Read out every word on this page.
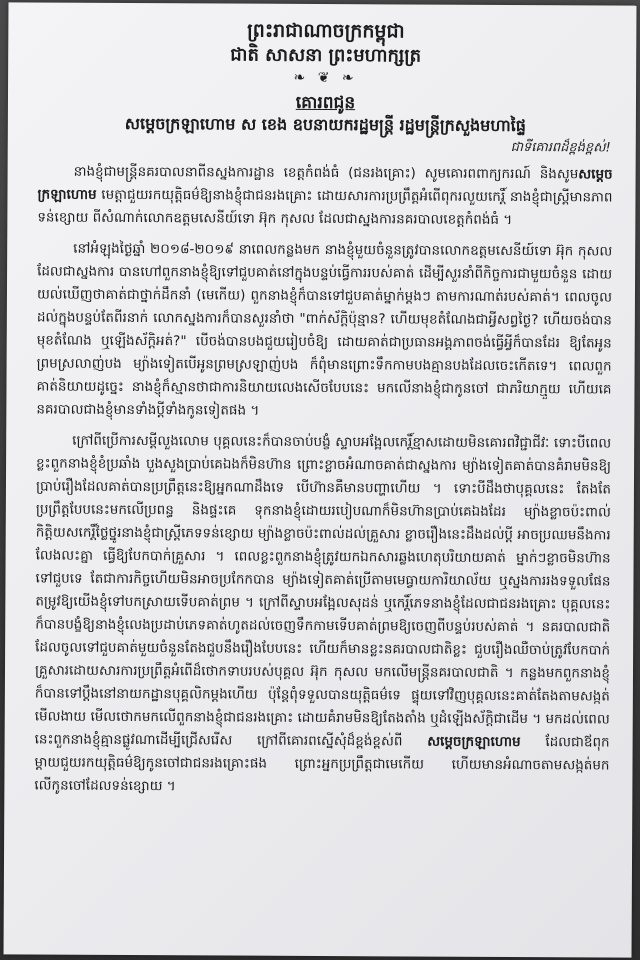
ព្រះរាជាណាចក្រកម្ពុជា

ជាតិ សាសនា ព្រះមហាក្សត្រ

❧ ❦ ❧

គោរពជូន

សម្តេចក្រឡាហោម ស ខេង ឧបនាយករដ្ឋមន្ត្រី រដ្ឋមន្ត្រីក្រសួងមហាផ្ទៃ

ជាទីគោរពដ៏ខ្ពង់ខ្ពស់!

នាងខ្ញុំជាមន្ត្រីនគរបាលនាពីនស្នងការដ្ឋាន ខេត្តកំពង់ធំ (ជនរងគ្រោះ) សូមគោរពពាក្យករណ៍ និងសូមសម្តេចក្រឡាហោម មេត្តាជួយរកយុត្តិធម៌ឱ្យនាងខ្ញុំជាជនរងគ្រោះ ដោយសារការប្រព្រឹត្តអំពើពុករលួយកេរ្តិ៍ នាងខ្ញុំជាស្រ្តីមានភាពទន់ខ្សោយ ពីសំណាក់លោកឧត្តមសេនីយ៍ទោ អ៊ុក កុសល ដែលជាស្នងការនគរបាលខេត្តកំពង់ធំ ។

នៅអំឡុងថ្ងៃឆ្នាំ ២០១៨-២០១៩ នាពេលកន្លងមក នាងខ្ញុំមួយចំនួនត្រូវបានលោកឧត្តមសេនីយ៍ទោ អ៊ុក កុសល ដែលជាស្នងការ បានហៅពួកនាងខ្ញុំឱ្យទៅជួបគាត់នៅក្នុងបន្ទប់ធ្វើការរបស់គាត់ ដើម្បីសួរនាំពីកិច្ចការជាមួយចំនួន ដោយយល់ឃើញថាគាត់ជាថ្នាក់ដឹកនាំ (មេកើយ) ពួកនាងខ្ញុំក៏បានទៅជួបគាត់ម្នាក់ម្តងៗ តាមការណាត់របស់គាត់។ ពេលចូលដល់ក្នុងបន្ទប់តែពីរនាក់ លោកស្នងការក៏បានសួរនាំថា "ពាក់ស័ក្តិប៉ុន្មាន? ហើយមុខតំណែងជាអ្វីសព្វថ្ងៃ? ហើយចង់បានមុខតំណែង ឬឡើងស័ក្តិអត់?" បើចង់បានបងជួយរៀបចំឱ្យ ដោយគាត់ជាប្រធានអង្គភាពចង់ធ្វើអ្វីក៏បានដែរ ឱ្យតែអូនព្រមស្រលាញ់បង ម្យ៉ាងទៀតបើអូនព្រមស្រឡាញ់បង ក៏ពុំមានព្រោះទឹកកាមបងគ្មានបងដែលចេះកើតទេ។ ពេលពួកគាត់និយាយដូច្នេះ នាងខ្ញុំក៏ស្មានថាជាការនិយាយលេងសើចបែបនេះ មកលើនាងខ្ញុំជាកូនចៅ ជាភរិយាក្មួយ ហើយគេនគរបាលជាងខ្ញុំមានទាំងប្តីទាំងកូនទៀតផង ។

ក្រៅពីប្រើការសម្ដីលួងលោម បុគ្គលនេះក៏បានចាប់បង្ខំ ស្ទាបអង្អែលកេរ្តិ៍ខ្មាសដោយមិនគោរពវិជ្ជាជីវៈ ទោះបីពេលខ្លះពួកនាងខ្ញុំខំប្រឆាំង បួងសួងប្រាប់គេឯងក៏មិនហ៊ាន ព្រោះខ្លាចអំណាចគាត់ជាស្នងការ ម្យ៉ាងទៀតគាត់បានគំរាមមិនឱ្យប្រាប់រឿងដែលគាត់បានប្រព្រឹត្តនេះឱ្យអ្នកណាដឹងទេ បើហ៊ានគឺមានបញ្ហាហើយ ។ ទោះបីដឹងថាបុគ្គលនេះ តែងតែប្រព្រឹត្តបែបនេះមកលើប្រពន្ធ និងផ្ទះគេ ទុកនាងខ្ញុំដោយរបៀបណាក៏មិនហ៊ានប្រាប់គេឯងដែរ ម្យ៉ាងខ្លាចប៉ះពាល់កិត្តិយសកេរ្តិ៍ថ្លៃថ្នូរនាងខ្ញុំជាស្រ្តីភេទទន់ខ្សោយ ម្យ៉ាងខ្លាចប៉ះពាល់ដល់គ្រួសារ ខ្លាចរឿងនេះដឹងដល់ប្តី អាចប្រឈមនឹងការលែងលះគ្នា ធ្វើឱ្យបែកបាក់គ្រួសារ ។ ពេលខ្លះពួកនាងខ្ញុំត្រូវយកឯកសារឆ្លងហេតុបរិយាយគាត់ ម្នាក់ៗខ្លាចមិនហ៊ានទៅជួបទេ តែជាការកិច្ចហើយមិនអាចប្រកែកបាន ម្យ៉ាងទៀតគាត់ប្រើតាមមេធ្វាយការិយាល័យ ឬស្នងការរងទទួលផែន តម្រូវឱ្យយើងខ្ញុំទៅបកស្រាយទើបគាត់ព្រម ។ ក្រៅពីស្ទាបអង្អែលសុដន់ ឬកេរ្តិ៍ភេទនាងខ្ញុំដែលជាជនរងគ្រោះ បុគ្គលនេះក៏បានបង្ខំឱ្យនាងខ្ញុំលេងប្រដាប់ភេទគាត់ហូតដល់ចេញទឹកកាមទើបគាត់ព្រមឱ្យចេញពីបន្ទប់របស់គាត់ ។ នគរបាលជាតិ ដែលចូលទៅជួបគាត់មួយចំនួនតែងជួបនឹងរឿងបែបនេះ ហើយក៏មានខ្លះនគរបាលជាតិខ្លះ ជួបរឿងឈឺចាប់ត្រូវបែកបាក់គ្រួសារដោយសារការប្រព្រឹត្តអំពើដ៏ថោកទាបរបស់បុគ្គល អ៊ុក កុសល មកលើមន្ត្រីនគរបាលជាតិ ។ កន្លងមកពួកនាងខ្ញុំក៏បានទៅប្តឹងនៅនាយកដ្ឋានបុគ្គលិកម្តងហើយ ប៉ុន្តែពុំទទួលបានយុត្តិធម៌ទេ ផ្ទុយទៅវិញបុគ្គលនេះគាត់តែងតាមសង្កត់មើលងាយ មើលថោកមកលើពួកនាងខ្ញុំជាជនរងគ្រោះ ដោយគំរាមមិនឱ្យតែងតាំង ឬដំឡើងស័ក្តិជាដើម ។ មកដល់ពេលនេះពួកនាងខ្ញុំគ្មានផ្លូវណាដើម្បីជ្រើសរើស ក្រៅពីគោរពស្នើសុំដ៏ខ្ពង់ខ្ពស់ពី សម្តេចក្រឡាហោម ដែលជាឪពុកម្តាយជួយរកយុត្តិធម៌ឱ្យកូនចៅជាជនរងគ្រោះផង ព្រោះអ្នកប្រព្រឹត្តជាមេកើយ ហើយមានអំណាចតាមសង្កត់មកលើកូនចៅដែលទន់ខ្សោយ ។
